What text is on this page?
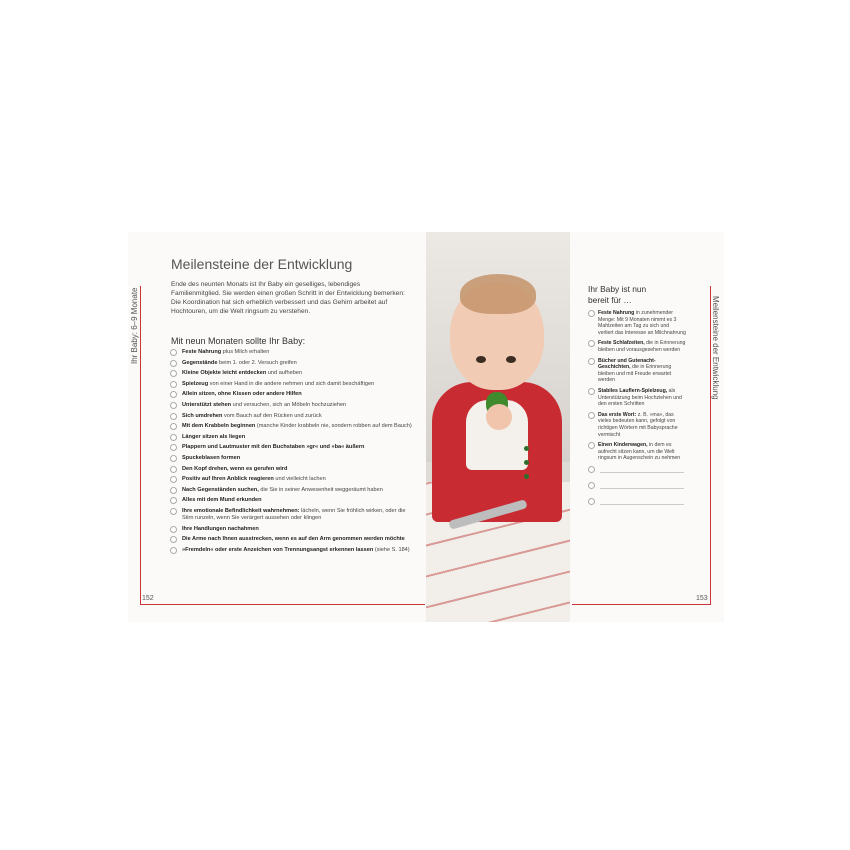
Ihr Baby: 6–9 Monate
152
Meilensteine der Entwicklung
Ende des neunten Monats ist Ihr Baby ein geselliges, lebendiges Familienmitglied. Sie werden einen großen Schritt in der Entwicklung bemerken: Die Koordination hat sich erheblich verbessert und das Gehirn arbeitet auf Hochtouren, um die Welt ringsum zu verstehen.
Mit neun Monaten sollte Ihr Baby:
Feste Nahrung plus Milch erhalten
Gegenstände beim 1. oder 2. Versuch greifen
Kleine Objekte leicht entdecken und aufheben
Spielzeug von einer Hand in die andere nehmen und sich damit beschäftigen
Allein sitzen, ohne Kissen oder andere Hilfen
Unterstützt stehen und versuchen, sich an Möbeln hochzuziehen
Sich umdrehen vom Bauch auf den Rücken und zurück
Mit dem Krabbeln beginnen (manche Kinder krabbeln nie, sondern robben auf dem Bauch)
Länger sitzen als liegen
Plappern und Lautmuster mit den Buchstaben »gr« und »ba« äußern
Spuckeblasen formen
Den Kopf drehen, wenn es gerufen wird
Positiv auf Ihren Anblick reagieren und vielleicht lachen
Nach Gegenständen suchen, die Sie in seiner Anwesenheit weggeräumt haben
Alles mit dem Mund erkunden
Ihre emotionale Befindlichkeit wahrnehmen: lächeln, wenn Sie fröhlich wirken, oder die Stirn runzeln, wenn Sie verärgert aussehen oder klingen
Ihre Handlungen nachahmen
Die Arme nach Ihnen ausstrecken, wenn es auf den Arm genommen werden möchte
»Fremdeln« oder erste Anzeichen von Trennungsangst erkennen lassen (siehe S. 184)
Meilensteine der Entwicklung
153
Ihr Baby ist nun bereit für …
Feste Nahrung in zunehmender Menge: Mit 9 Monaten nimmt es 3 Mahlzeiten am Tag zu sich und verliert das Interesse an Milchnahrung
Feste Schlafzeiten, die in Erinnerung bleiben und vorausgesehen werden
Bücher und Gutenacht-Geschichten, die in Erinnerung bleiben und mit Freude erwartet werden
Stabiles Lauflern-Spielzeug, als Unterstützung beim Hochziehen und den ersten Schritten
Das erste Wort: z. B. »ma«, das vieles bedeuten kann, gefolgt von richtigen Wörtern mit Babysprache vermischt
Einen Kinderwagen, in dem es aufrecht sitzen kann, um die Welt ringsum in Augenschein zu nehmen
